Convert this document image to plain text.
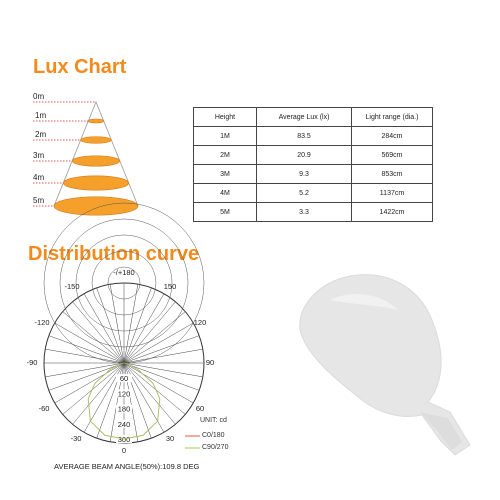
Lux Chart
0m
1m
2m
3m
4m
5m
Height	Average Lux (lx)	Light range (dia.)
1M	83.5	284cm
2M	20.9	569cm
3M	9.3	853cm
4M	5.2	1137cm
5M	3.3	1422cm
Distribution curve
-/+180
150
120
90
60
30
0
-30
-60
-90
-120
-150
60
120
180
240
300
UNIT: cd
C0/180
C90/270
AVERAGE BEAM ANGLE(50%):109.8 DEG
